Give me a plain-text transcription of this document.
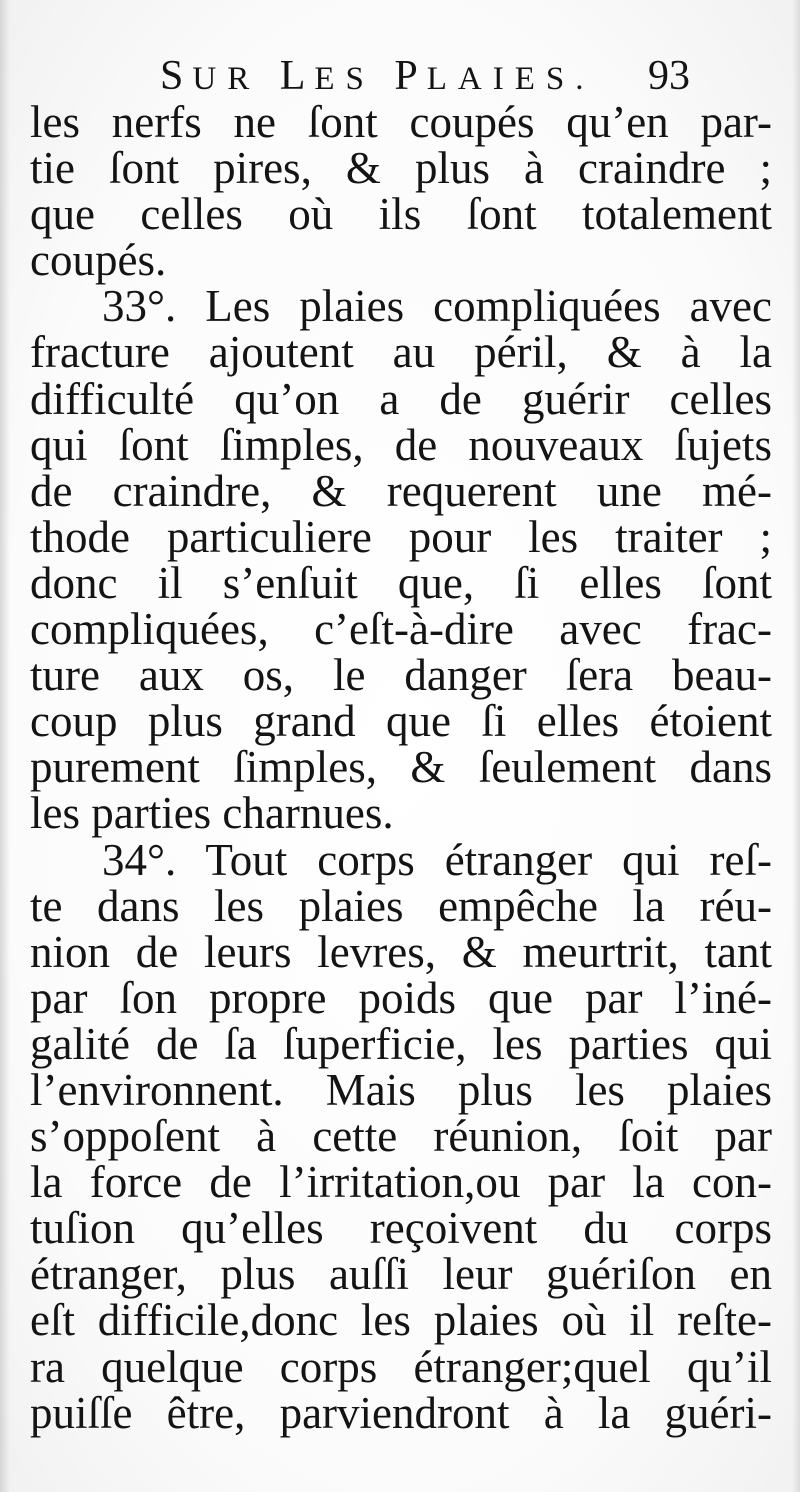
SUR LES PLAIES.	93
les nerfs ne ſont coupés qu’en par-
tie ſont pires, & plus à craindre ;
que celles où ils ſont totalement
coupés.
33°. Les plaies compliquées avec
fracture ajoutent au péril, & à la
difficulté qu’on a de guérir celles
qui ſont ſimples, de nouveaux ſujets
de craindre, & requerent une mé-
thode particuliere pour les traiter ;
donc il s’enſuit que, ſi elles ſont
compliquées, c’eſt-à-dire avec frac-
ture aux os, le danger ſera beau-
coup plus grand que ſi elles étoient
purement ſimples, & ſeulement dans
les parties charnues.
34°. Tout corps étranger qui reſ-
te dans les plaies empêche la réu-
nion de leurs levres, & meurtrit, tant
par ſon propre poids que par l’iné-
galité de ſa ſuperficie, les parties qui
l’environnent. Mais plus les plaies
s’oppoſent à cette réunion, ſoit par
la force de l’irritation,ou par la con-
tuſion qu’elles reçoivent du corps
étranger, plus auſſi leur guériſon en
eſt difficile,donc les plaies où il reſte-
ra quelque corps étranger;quel qu’il
puiſſe être, parviendront à la guéri-
